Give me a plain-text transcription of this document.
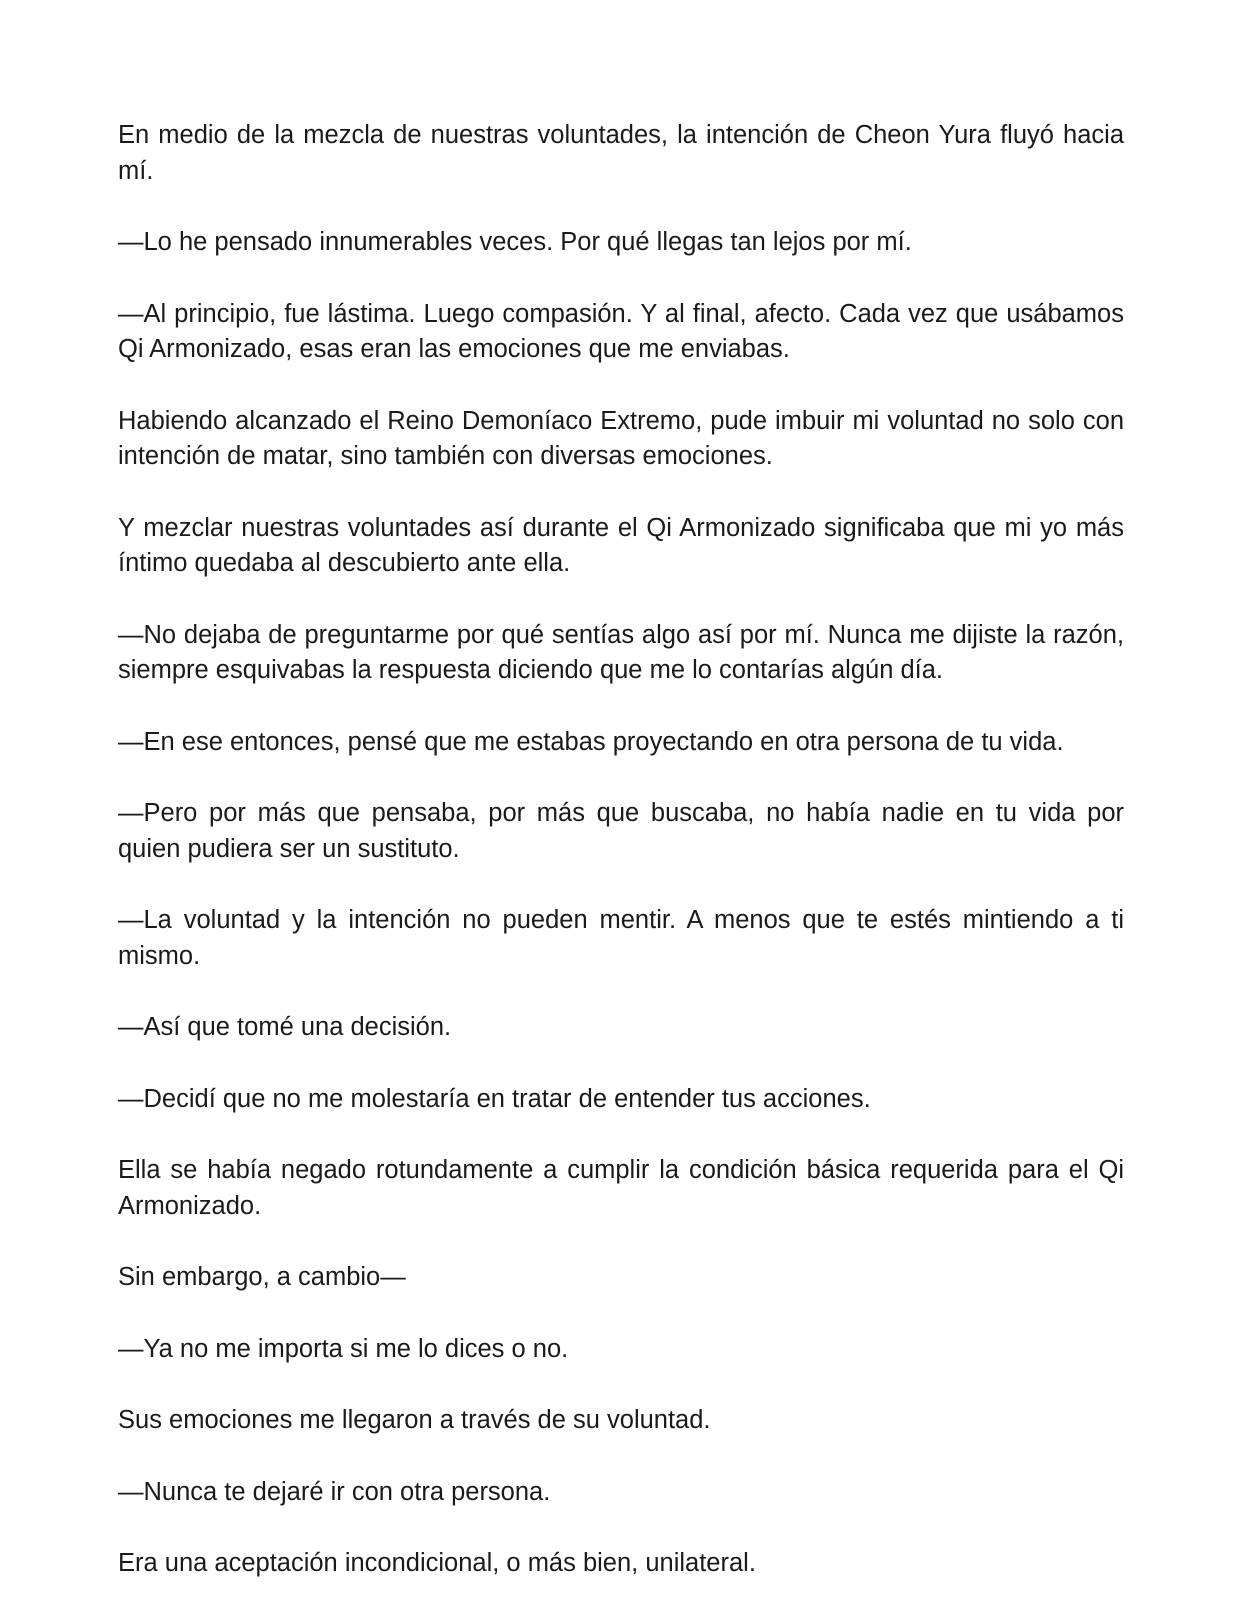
En medio de la mezcla de nuestras voluntades, la intención de Cheon Yura fluyó hacia mí.

—Lo he pensado innumerables veces. Por qué llegas tan lejos por mí.

—Al principio, fue lástima. Luego compasión. Y al final, afecto. Cada vez que usábamos Qi Armonizado, esas eran las emociones que me enviabas.

Habiendo alcanzado el Reino Demoníaco Extremo, pude imbuir mi voluntad no solo con intención de matar, sino también con diversas emociones.

Y mezclar nuestras voluntades así durante el Qi Armonizado significaba que mi yo más íntimo quedaba al descubierto ante ella.

—No dejaba de preguntarme por qué sentías algo así por mí. Nunca me dijiste la razón, siempre esquivabas la respuesta diciendo que me lo contarías algún día.

—En ese entonces, pensé que me estabas proyectando en otra persona de tu vida.

—Pero por más que pensaba, por más que buscaba, no había nadie en tu vida por quien pudiera ser un sustituto.

—La voluntad y la intención no pueden mentir. A menos que te estés mintiendo a ti mismo.

—Así que tomé una decisión.

—Decidí que no me molestaría en tratar de entender tus acciones.

Ella se había negado rotundamente a cumplir la condición básica requerida para el Qi Armonizado.

Sin embargo, a cambio—

—Ya no me importa si me lo dices o no.

Sus emociones me llegaron a través de su voluntad.

—Nunca te dejaré ir con otra persona.

Era una aceptación incondicional, o más bien, unilateral.
